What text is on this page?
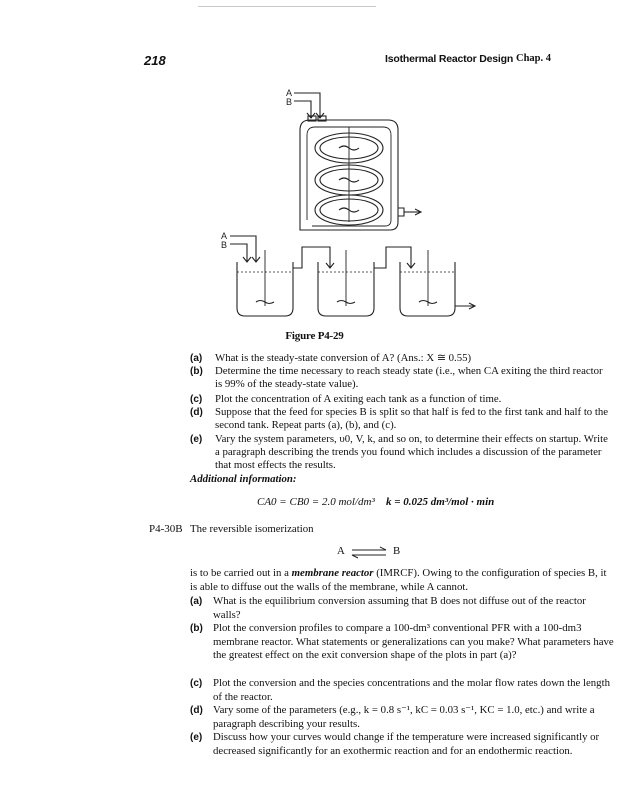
218	Isothermal Reactor Design Chap. 4
A
B
A
B
Figure P4-29
(a) What is the steady-state conversion of A? (Ans.: X ≅ 0.55)
(b) Determine the time necessary to reach steady state (i.e., when CA exiting the third reactor is 99% of the steady-state value).
(c) Plot the concentration of A exiting each tank as a function of time.
(d) Suppose that the feed for species B is split so that half is fed to the first tank and half to the second tank. Repeat parts (a), (b), and (c).
(e) Vary the system parameters, υ0, V, k, and so on, to determine their effects on startup. Write a paragraph describing the trends you found which includes a discussion of the parameter that most effects the results.
Additional information:
CA0 = CB0 = 2.0 mol/dm³ k = 0.025 dm³/mol · min
P4-30B The reversible isomerization
A ⇌ B
is to be carried out in a membrane reactor (IMRCF). Owing to the configuration of species B, it is able to diffuse out the walls of the membrane, while A cannot.
(a) What is the equilibrium conversion assuming that B does not diffuse out of the reactor walls?
(b) Plot the conversion profiles to compare a 100-dm³ conventional PFR with a 100-dm3 membrane reactor. What statements or generalizations can you make? What parameters have the greatest effect on the exit conversion shape of the plots in part (a)?
(c) Plot the conversion and the species concentrations and the molar flow rates down the length of the reactor.
(d) Vary some of the parameters (e.g., k = 0.8 s⁻¹, kC = 0.03 s⁻¹, KC = 1.0, etc.) and write a paragraph describing your results.
(e) Discuss how your curves would change if the temperature were increased significantly or decreased significantly for an exothermic reaction and for an endothermic reaction.
